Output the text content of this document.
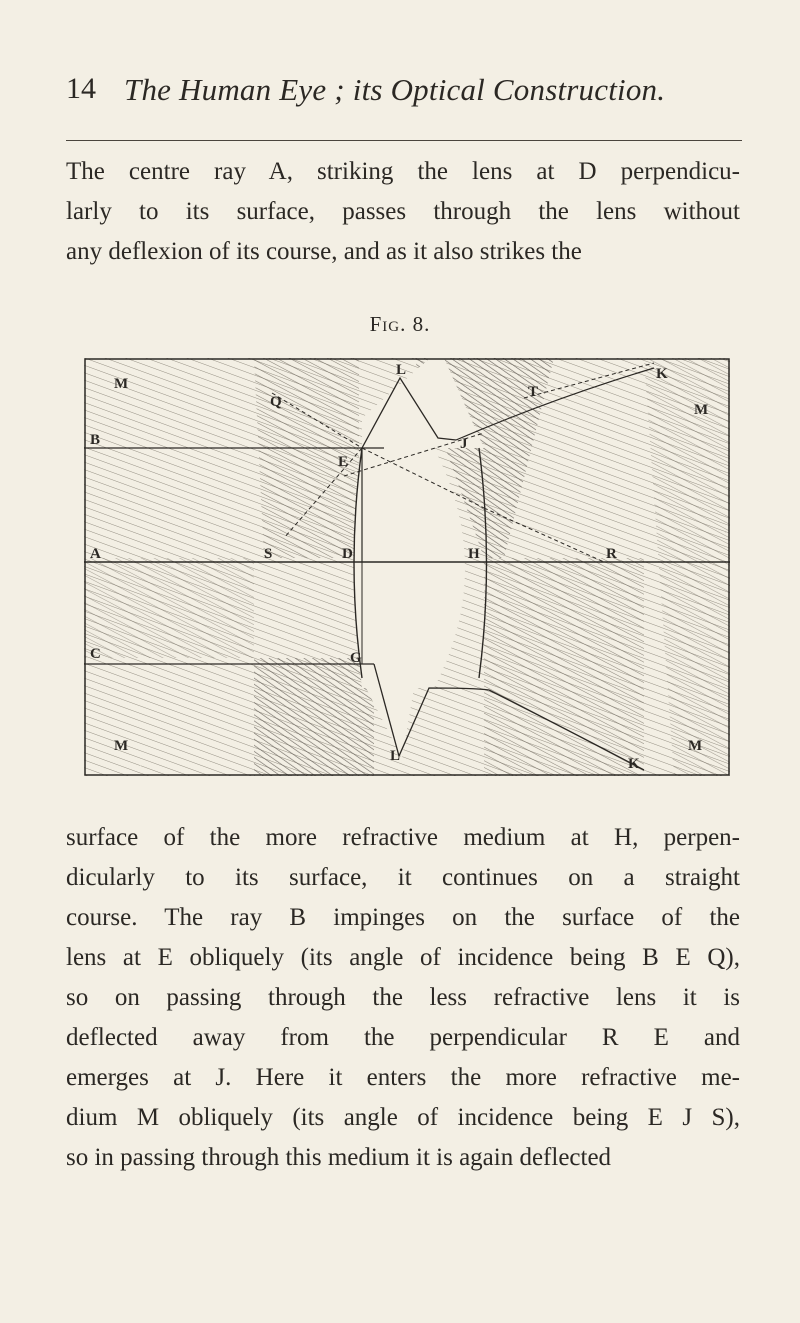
14 The Human Eye ; its Optical Construction.
The centre ray A, striking the lens at D perpendicu-
larly to its surface, passes through the lens without
any deflexion of its course, and as it also strikes the
Fig. 8.
M
B
Q
L
T
K
M
E
J
A	S	D	H	R
C	G
M
L	K
M
surface of the more refractive medium at H, perpen-
dicularly to its surface, it continues on a straight
course. The ray B impinges on the surface of the
lens at E obliquely (its angle of incidence being B E Q),
so on passing through the less refractive lens it is
deflected away from the perpendicular R E and
emerges at J. Here it enters the more refractive me-
dium M obliquely (its angle of incidence being E J S),
so in passing through this medium it is again deflected
